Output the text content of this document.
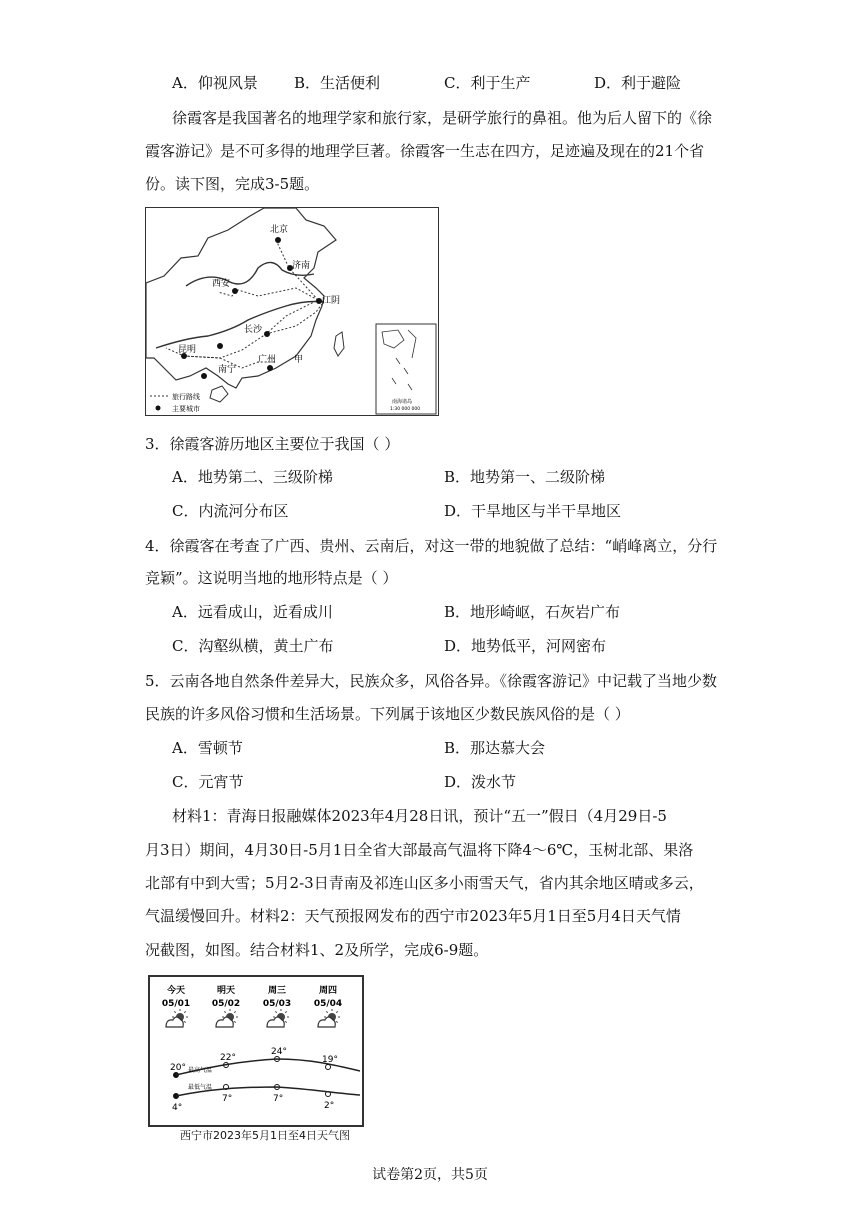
A．仰视风景 B．生活便利	C．利于生产	D．利于避险
徐霞客是我国著名的地理学家和旅行家，是研学旅行的鼻祖。他为后人留下的《徐
霞客游记》是不可多得的地理学巨著。徐霞客一生志在四方，足迹遍及现在的21个省
份。读下图，完成3-5题。
北京
济南
西安
江阴
长沙
昆明
南宁
广州 甲
旅行路线
主要城市
南海诸岛
1:30 000 000
3．徐霞客游历地区主要位于我国（ ）
A．地势第二、三级阶梯	B．地势第一、二级阶梯
C．内流河分布区	D．干旱地区与半干旱地区
4．徐霞客在考查了广西、贵州、云南后，对这一带的地貌做了总结：“峭峰离立，分行
竞颖”。这说明当地的地形特点是（ ）
A．远看成山，近看成川	B．地形崎岖，石灰岩广布
C．沟壑纵横，黄土广布	D．地势低平，河网密布
5．云南各地自然条件差异大，民族众多，风俗各异。《徐霞客游记》中记载了当地少数
民族的许多风俗习惯和生活场景。下列属于该地区少数民族风俗的是（ ）
A．雪顿节	B．那达慕大会
C．元宵节	D．泼水节
材料1：青海日报融媒体2023年4月28日讯，预计“五一”假日（4月29日-5
月3日）期间，4月30日-5月1日全省大部最高气温将下降4～6℃，玉树北部、果洛
北部有中到大雪；5月2-3日青南及祁连山区多小雨雪天气，省内其余地区晴或多云，
气温缓慢回升。材料2：天气预报网发布的西宁市2023年5月1日至5月4日天气情
况截图，如图。结合材料1、2及所学，完成6-9题。
今天
05/01
20°
4°
明天
05/02
22°
7°
周三
05/03
24°
7°
周四
05/04
19°
2°
最高气温
最低气温
西宁市2023年5月1日至4日天气图
试卷第2页，共5页
